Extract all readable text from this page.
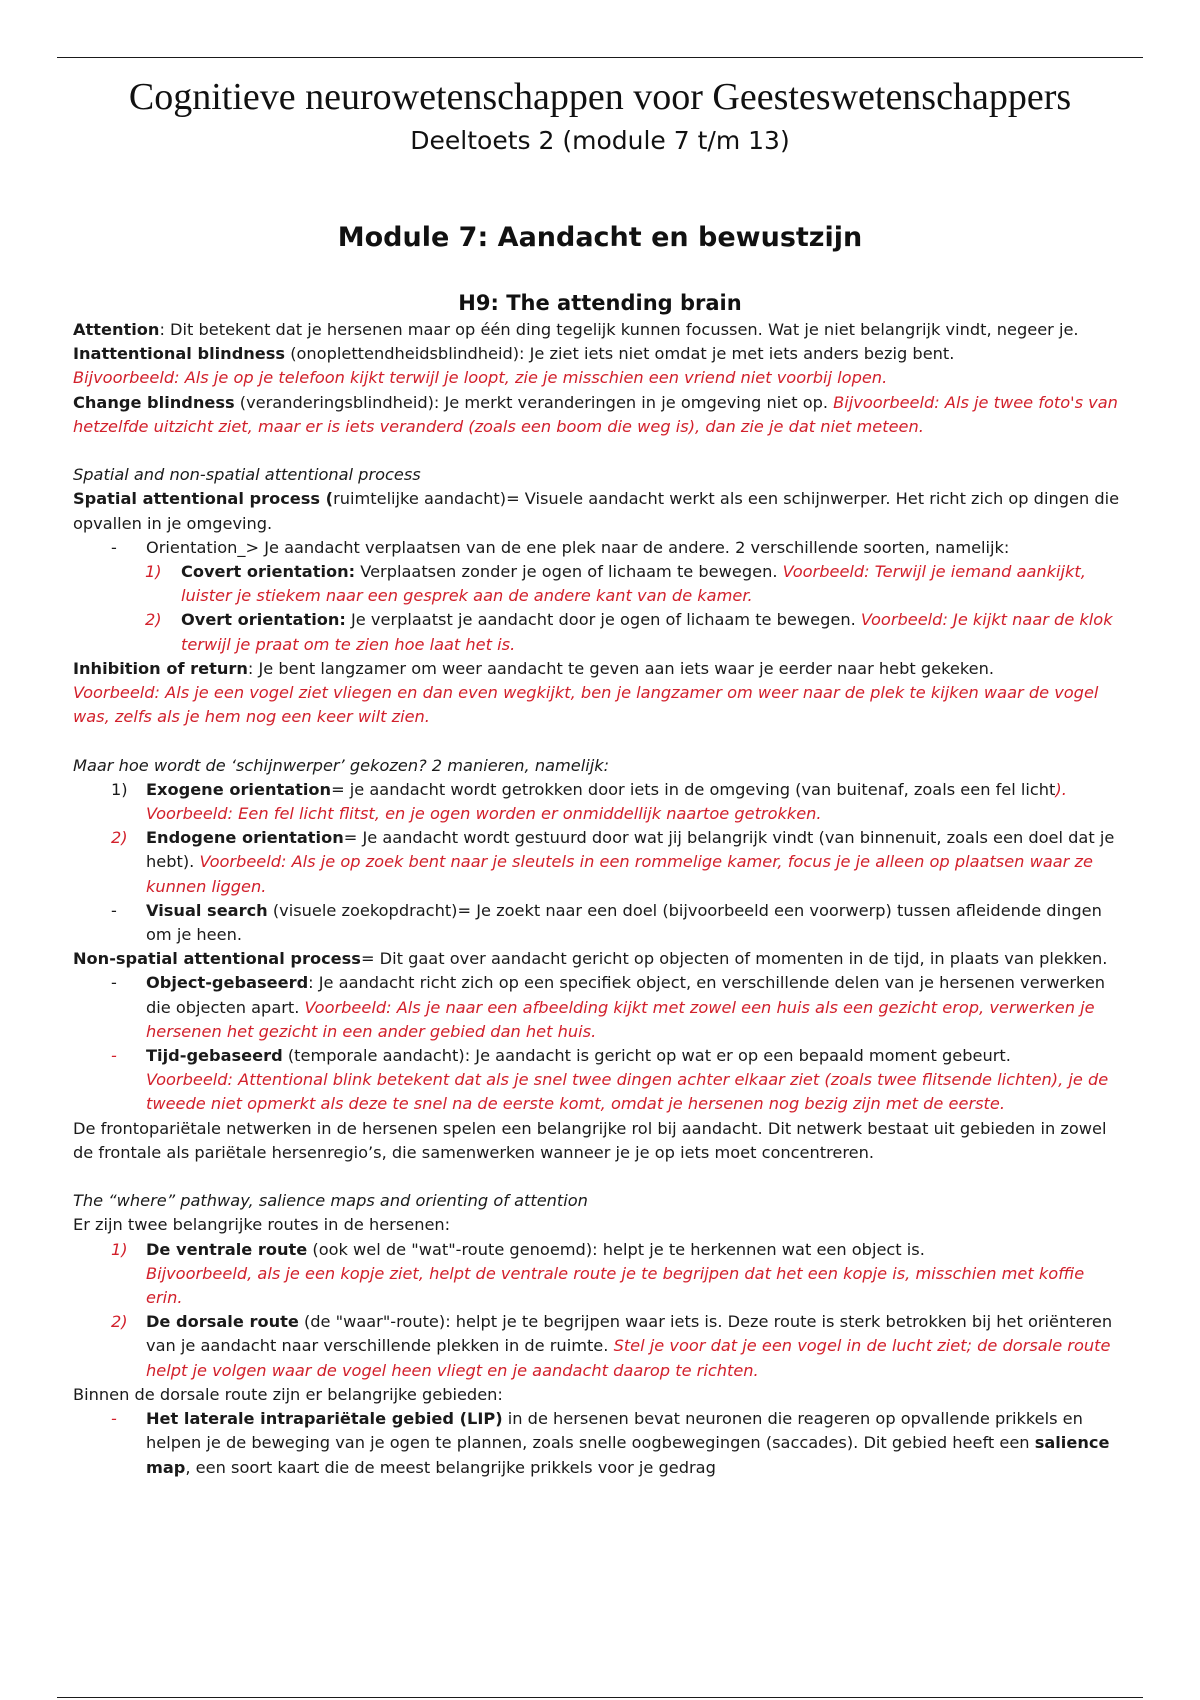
Cognitieve neurowetenschappen voor Geesteswetenschappers
Deeltoets 2 (module 7 t/m 13)
Module 7: Aandacht en bewustzijn
H9: The attending brain

Attention: Dit betekent dat je hersenen maar op één ding tegelijk kunnen focussen. Wat je niet belangrijk vindt, negeer je.

Inattentional blindness (onoplettendheidsblindheid): Je ziet iets niet omdat je met iets anders bezig bent.

Bijvoorbeeld: Als je op je telefoon kijkt terwijl je loopt, zie je misschien een vriend niet voorbij lopen.

Change blindness (veranderingsblindheid): Je merkt veranderingen in je omgeving niet op. Bijvoorbeeld: Als je twee foto's van hetzelfde uitzicht ziet, maar er is iets veranderd (zoals een boom die weg is), dan zie je dat niet meteen.

Spatial and non-spatial attentional process

Spatial attentional process (ruimtelijke aandacht)= Visuele aandacht werkt als een schijnwerper. Het richt zich op dingen die opvallen in je omgeving.

- Orientation_> Je aandacht verplaatsen van de ene plek naar de andere. 2 verschillende soorten, namelijk:
1) Covert orientation: Verplaatsen zonder je ogen of lichaam te bewegen. Voorbeeld: Terwijl je iemand aankijkt, luister je stiekem naar een gesprek aan de andere kant van de kamer.
2) Overt orientation: Je verplaatst je aandacht door je ogen of lichaam te bewegen. Voorbeeld: Je kijkt naar de klok terwijl je praat om te zien hoe laat het is.

Inhibition of return: Je bent langzamer om weer aandacht te geven aan iets waar je eerder naar hebt gekeken.

Voorbeeld: Als je een vogel ziet vliegen en dan even wegkijkt, ben je langzamer om weer naar de plek te kijken waar de vogel was, zelfs als je hem nog een keer wilt zien.

Maar hoe wordt de ‘schijnwerper’ gekozen? 2 manieren, namelijk:

1) Exogene orientation= je aandacht wordt getrokken door iets in de omgeving (van buitenaf, zoals een fel licht). Voorbeeld: Een fel licht flitst, en je ogen worden er onmiddellijk naartoe getrokken.
2) Endogene orientation= Je aandacht wordt gestuurd door wat jij belangrijk vindt (van binnenuit, zoals een doel dat je hebt). Voorbeeld: Als je op zoek bent naar je sleutels in een rommelige kamer, focus je je alleen op plaatsen waar ze kunnen liggen.
- Visual search (visuele zoekopdracht)= Je zoekt naar een doel (bijvoorbeeld een voorwerp) tussen afleidende dingen om je heen.

Non-spatial attentional process= Dit gaat over aandacht gericht op objecten of momenten in de tijd, in plaats van plekken.

- Object-gebaseerd: Je aandacht richt zich op een specifiek object, en verschillende delen van je hersenen verwerken die objecten apart. Voorbeeld: Als je naar een afbeelding kijkt met zowel een huis als een gezicht erop, verwerken je hersenen het gezicht in een ander gebied dan het huis.
- Tijd-gebaseerd (temporale aandacht): Je aandacht is gericht op wat er op een bepaald moment gebeurt.
Voorbeeld: Attentional blink betekent dat als je snel twee dingen achter elkaar ziet (zoals twee flitsende lichten), je de tweede niet opmerkt als deze te snel na de eerste komt, omdat je hersenen nog bezig zijn met de eerste.

De frontopariëtale netwerken in de hersenen spelen een belangrijke rol bij aandacht. Dit netwerk bestaat uit gebieden in zowel de frontale als pariëtale hersenregio’s, die samenwerken wanneer je je op iets moet concentreren.

The “where” pathway, salience maps and orienting of attention

Er zijn twee belangrijke routes in de hersenen:

1) De ventrale route (ook wel de "wat"-route genoemd): helpt je te herkennen wat een object is.
Bijvoorbeeld, als je een kopje ziet, helpt de ventrale route je te begrijpen dat het een kopje is, misschien met koffie erin.
2) De dorsale route (de "waar"-route): helpt je te begrijpen waar iets is. Deze route is sterk betrokken bij het oriënteren van je aandacht naar verschillende plekken in de ruimte. Stel je voor dat je een vogel in de lucht ziet; de dorsale route helpt je volgen waar de vogel heen vliegt en je aandacht daarop te richten.

Binnen de dorsale route zijn er belangrijke gebieden:

- Het laterale intrapariëtale gebied (LIP) in de hersenen bevat neuronen die reageren op opvallende prikkels en helpen je de beweging van je ogen te plannen, zoals snelle oogbewegingen (saccades). Dit gebied heeft een salience map, een soort kaart die de meest belangrijke prikkels voor je gedrag
